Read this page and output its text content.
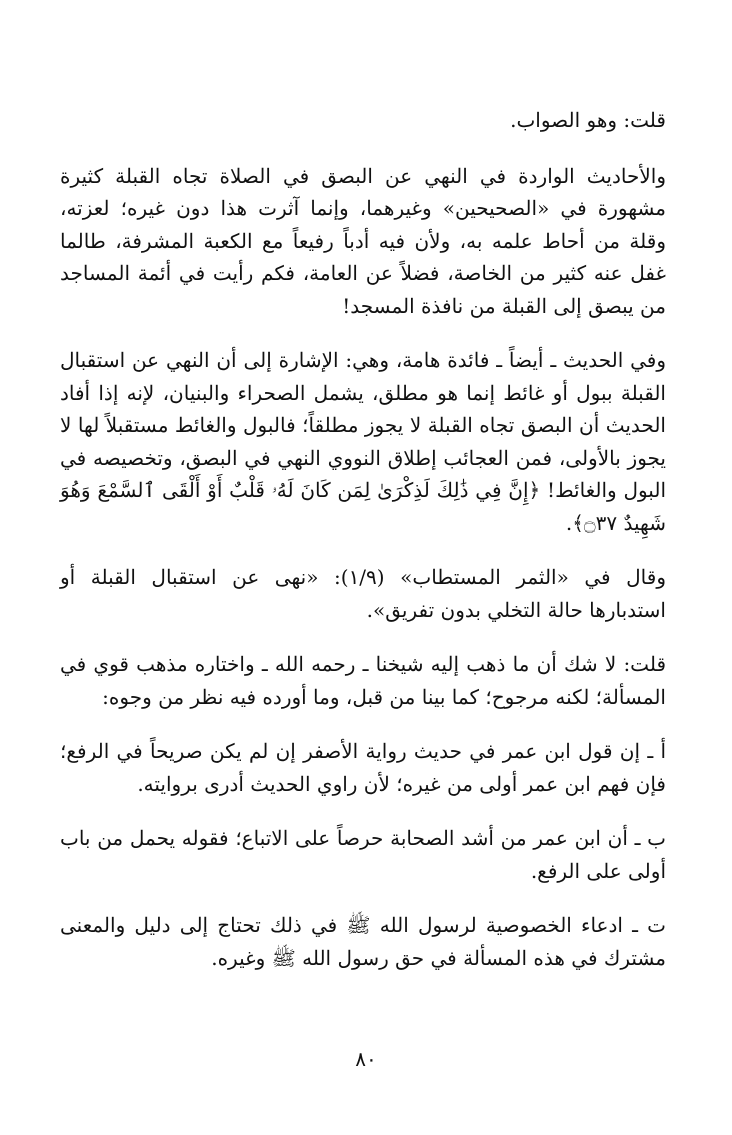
قلت: وهو الصواب.

والأحاديث الواردة في النهي عن البصق في الصلاة تجاه القبلة كثيرة مشهورة في «الصحيحين» وغيرهما، وإنما آثرت هذا دون غيره؛ لعزته، وقلة من أحاط علمه به، ولأن فيه أدباً رفيعاً مع الكعبة المشرفة، طالما غفل عنه كثير من الخاصة، فضلاً عن العامة، فكم رأيت في أئمة المساجد من يبصق إلى القبلة من نافذة المسجد!

وفي الحديث ـ أيضاً ـ فائدة هامة، وهي: الإشارة إلى أن النهي عن استقبال القبلة ببول أو غائط إنما هو مطلق، يشمل الصحراء والبنيان، لإنه إذا أفاد الحديث أن البصق تجاه القبلة لا يجوز مطلقاً؛ فالبول والغائط مستقبلاً لها لا يجوز بالأولى، فمن العجائب إطلاق النووي النهي في البصق، وتخصيصه في البول والغائط! ﴿إِنَّ فِي ذَٰلِكَ لَذِكْرَىٰ لِمَن كَانَ لَهُۥ قَلْبٌ أَوْ أَلْقَى ٱلسَّمْعَ وَهُوَ شَهِيدٌ ۝٣٧﴾.

وقال في «الثمر المستطاب» (١/٩): «نهى عن استقبال القبلة أو استدبارها حالة التخلي بدون تفريق».

قلت: لا شك أن ما ذهب إليه شيخنا ـ رحمه الله ـ واختاره مذهب قوي في المسألة؛ لكنه مرجوح؛ كما بينا من قبل، وما أورده فيه نظر من وجوه:

أ ـ إن قول ابن عمر في حديث رواية الأصفر إن لم يكن صريحاً في الرفع؛ فإن فهم ابن عمر أولى من غيره؛ لأن راوي الحديث أدرى بروايته.

ب ـ أن ابن عمر من أشد الصحابة حرصاً على الاتباع؛ فقوله يحمل من باب أولى على الرفع.

ت ـ ادعاء الخصوصية لرسول الله ﷺ في ذلك تحتاج إلى دليل والمعنى مشترك في هذه المسألة في حق رسول الله ﷺ وغيره.

٨٠
